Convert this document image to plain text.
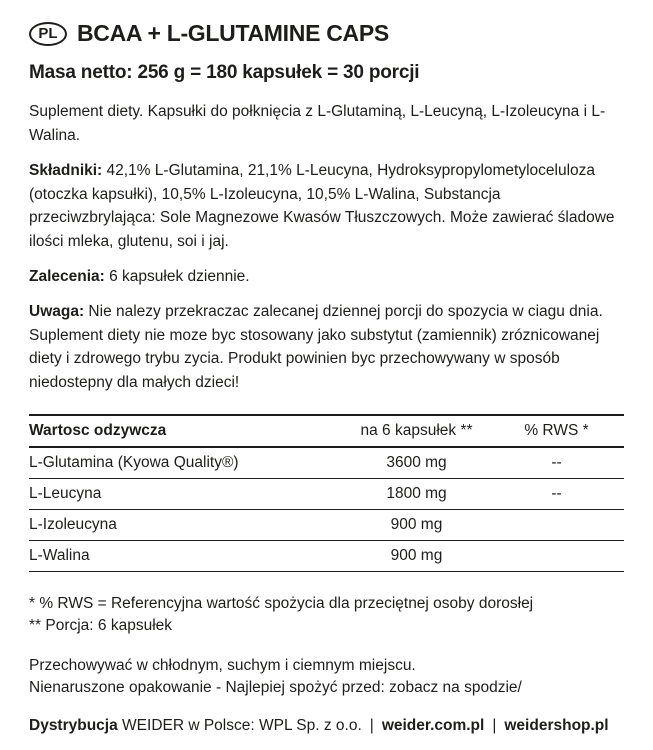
PL BCAA + L-GLUTAMINE CAPS
Masa netto: 256 g = 180 kapsułek = 30 porcji
Suplement diety. Kapsułki do połknięcia z L-Glutaminą, L-Leucyną, L-Izoleucyna i L-Walina.
Składniki: 42,1% L-Glutamina, 21,1% L-Leucyna, Hydroksypropylometyloceluloza (otoczka kapsułki), 10,5% L-Izoleucyna, 10,5% L-Walina, Substancja przeciwzbrylająca: Sole Magnezowe Kwasów Tłuszczowych. Może zawierać śladowe ilości mleka, glutenu, soi i jaj.
Zalecenia: 6 kapsułek dziennie.
Uwaga: Nie nalezy przekraczac zalecanej dziennej porcji do spozycia w ciagu dnia. Suplement diety nie moze byc stosowany jako substytut (zamiennik) zróznicowanej diety i zdrowego trybu zycia. Produkt powinien byc przechowywany w sposób niedostepny dla małych dzieci!
Wartosc odzywcza	na 6 kapsułek **	% RWS *
L-Glutamina (Kyowa Quality®)	3600 mg	--
L-Leucyna	1800 mg	--
L-Izoleucyna	900 mg	
L-Walina	900 mg	
* % RWS = Referencyjna wartość spożycia dla przeciętnej osoby dorosłej
** Porcja: 6 kapsułek
Przechowywać w chłodnym, suchym i ciemnym miejscu.
Nienaruszone opakowanie - Najlepiej spożyć przed: zobacz na spodzie/
Dystrybucja WEIDER w Polsce: WPL Sp. z o.o. | weider.com.pl | weidershop.pl
